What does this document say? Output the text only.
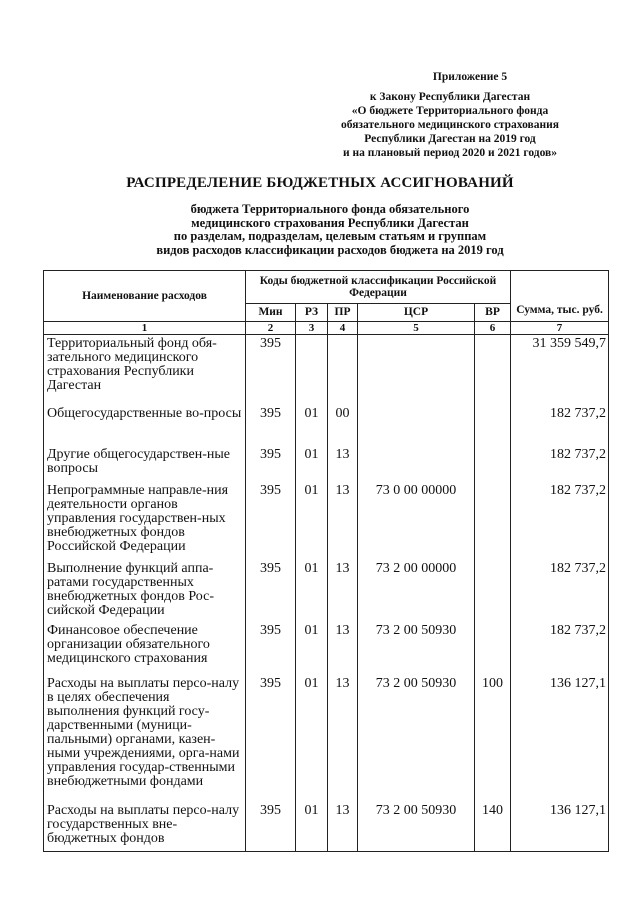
Приложение 5
к Закону Республики Дагестан
«О бюджете Территориального фонда
обязательного медицинского страхования
Республики Дагестан на 2019 год
и на плановый период 2020 и 2021 годов»
РАСПРЕДЕЛЕНИЕ БЮДЖЕТНЫХ АССИГНОВАНИЙ
бюджета Территориального фонда обязательного
медицинского страхования Республики Дагестан
по разделам, подразделам, целевым статьям и группам
видов расходов классификации расходов бюджета на 2019 год
Наименование расходов	Коды бюджетной классификации Российской Федерации					Сумма, тыс. руб.
	Мин	РЗ	ПР	ЦСР	ВР	
1	2	3	4	5	6	7
Территориальный фонд обя-зательного медицинского страхования Республики Дагестан	395					31 359 549,7
Общегосударственные во-просы	395	01	00			182 737,2
Другие общегосударствен-ные вопросы	395	01	13			182 737,2
Непрограммные направле-ния деятельности органов управления государствен-ных внебюджетных фондов Российской Федерации	395	01	13	73 0 00 00000		182 737,2
Выполнение функций аппа-ратами государственных внебюджетных фондов Рос-сийской Федерации	395	01	13	73 2 00 00000		182 737,2
Финансовое обеспечение организации обязательного медицинского страхования	395	01	13	73 2 00 50930		182 737,2
Расходы на выплаты персо-налу в целях обеспечения выполнения функций госу-дарственными (муници-пальными) органами, казен-ными учреждениями, орга-нами управления государ-ственными внебюджетными фондами	395	01	13	73 2 00 50930	100	136 127,1
Расходы на выплаты персо-налу государственных вне-бюджетных фондов	395	01	13	73 2 00 50930	140	136 127,1
